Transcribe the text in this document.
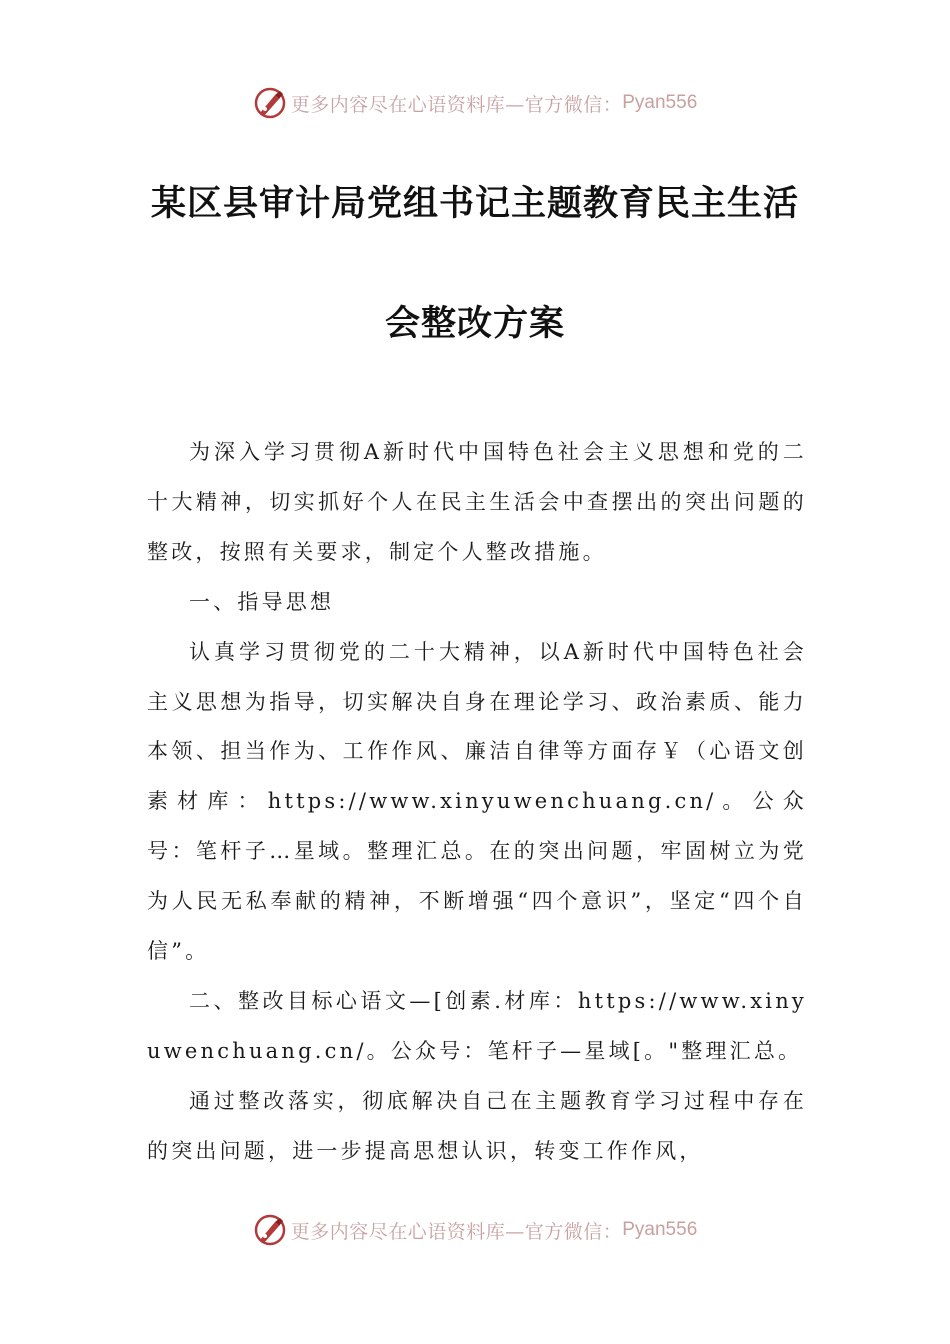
更多内容尽在心语资料库—官方微信： Pyan556
某区县审计局党组书记主题教育民主生活
会整改方案

为深入学习贯彻A新时代中国特色社会主义思想和党的二十大精神，切实抓好个人在民主生活会中查摆出的突出问题的整改，按照有关要求，制定个人整改措施。

一、指导思想

认真学习贯彻党的二十大精神，以A新时代中国特色社会主义思想为指导，切实解决自身在理论学习、政治素质、能力本领、担当作为、工作作风、廉洁自律等方面存￥（心语文创素材库：https://www.xinyuwenchuang.cn/。公众号：笔杆子…星域。整理汇总。在的突出问题，牢固树立为党为人民无私奉献的精神，不断增强“四个意识”，坚定“四个自信”。

二、整改目标心语文—[创素.材库：https://www.xinyuwenchuang.cn/。公众号：笔杆子—星域[。"整理汇总。

通过整改落实，彻底解决自己在主题教育学习过程中存在的突出问题，进一步提高思想认识，转变工作作风，

更多内容尽在心语资料库—官方微信： Pyan556
